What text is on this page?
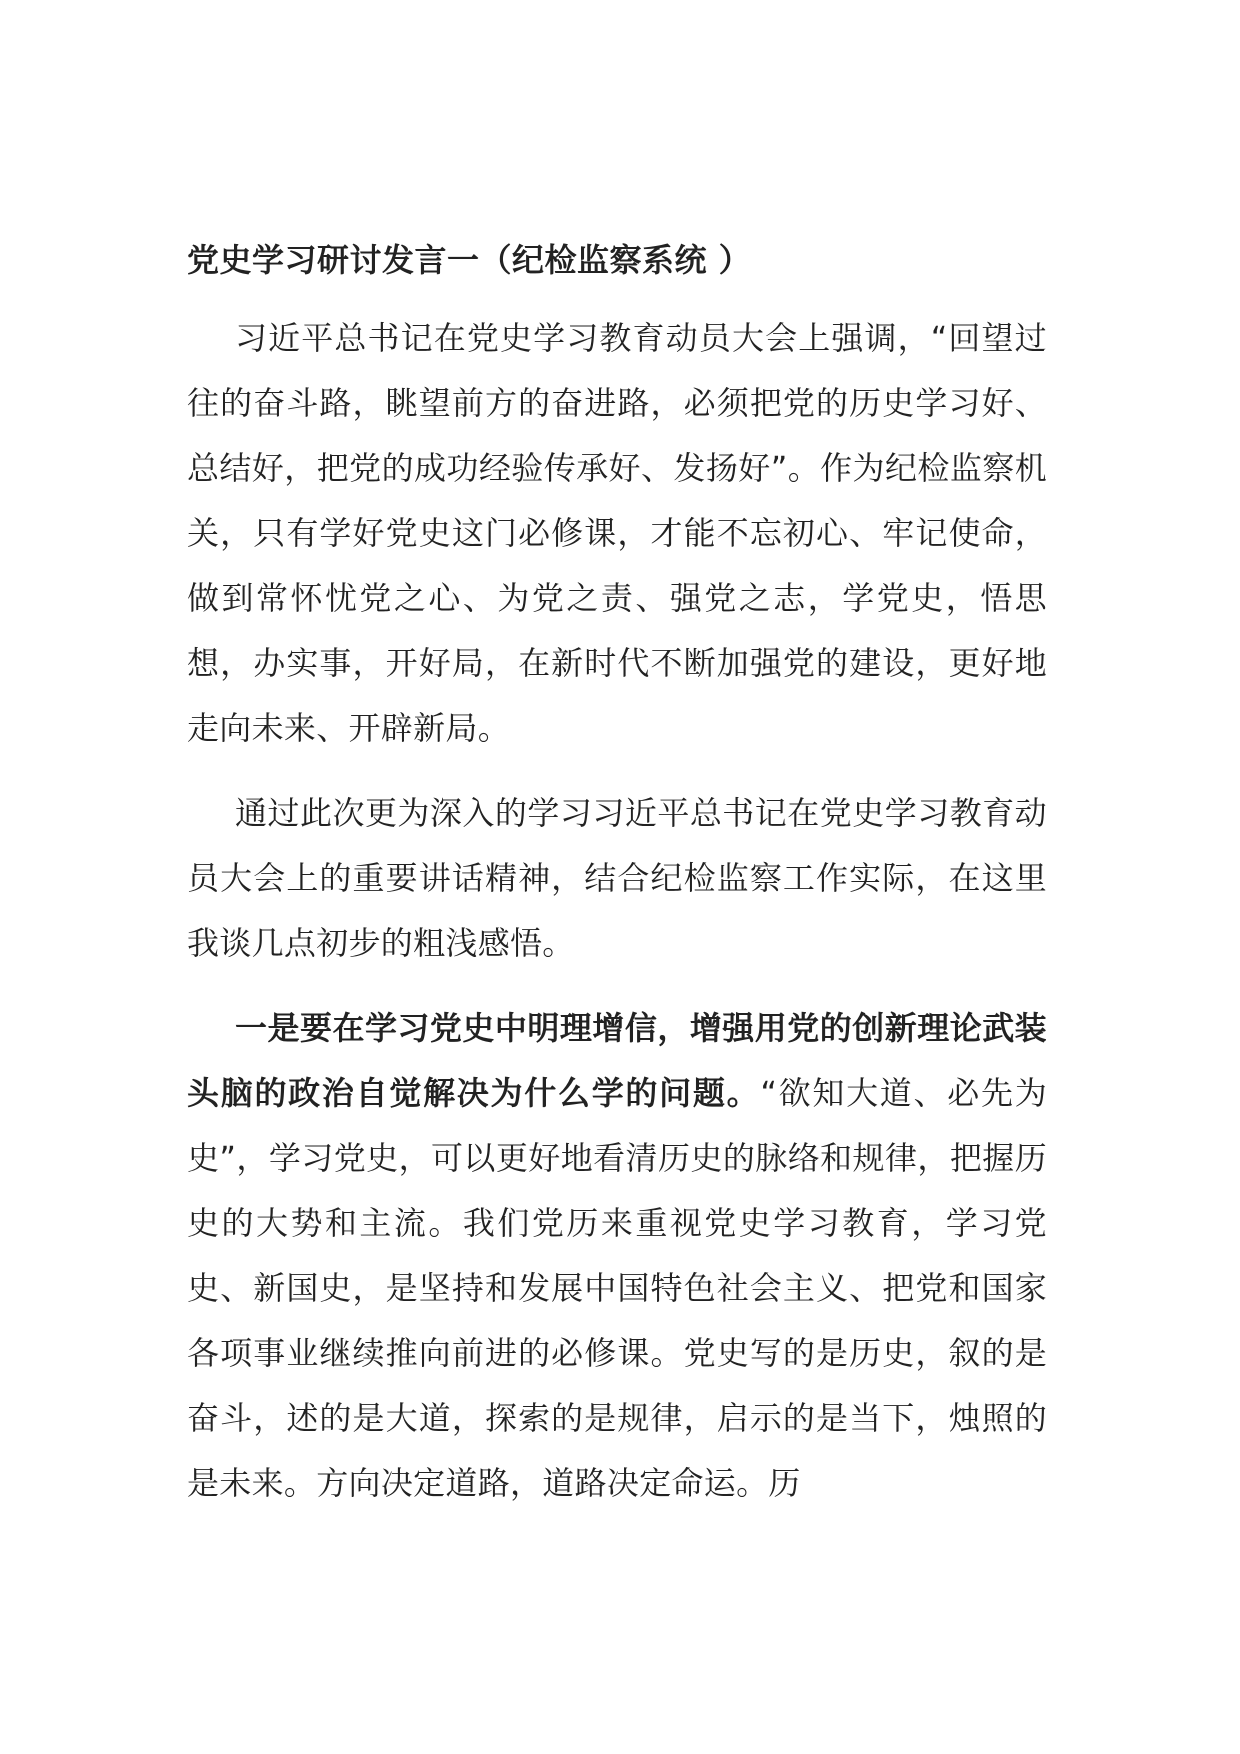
党史学习研讨发言一（纪检监察系统 ）

习近平总书记在党史学习教育动员大会上强调，“回望过往的奋斗路，眺望前方的奋进路，必须把党的历史学习好、总结好，把党的成功经验传承好、发扬好”。作为纪检监察机关，只有学好党史这门必修课，才能不忘初心、牢记使命，做到常怀忧党之心、为党之责、强党之志，学党史，悟思想，办实事，开好局，在新时代不断加强党的建设，更好地走向未来、开辟新局。

通过此次更为深入的学习习近平总书记在党史学习教育动员大会上的重要讲话精神，结合纪检监察工作实际，在这里我谈几点初步的粗浅感悟。

一是要在学习党史中明理增信，增强用党的创新理论武装头脑的政治自觉解决为什么学的问题。“欲知大道、必先为史”，学习党史，可以更好地看清历史的脉络和规律，把握历史的大势和主流。我们党历来重视党史学习教育，学习党史、新国史，是坚持和发展中国特色社会主义、把党和国家各项事业继续推向前进的必修课。党史写的是历史，叙的是奋斗，述的是大道，探索的是规律，启示的是当下，烛照的是未来。方向决定道路，道路决定命运。历
